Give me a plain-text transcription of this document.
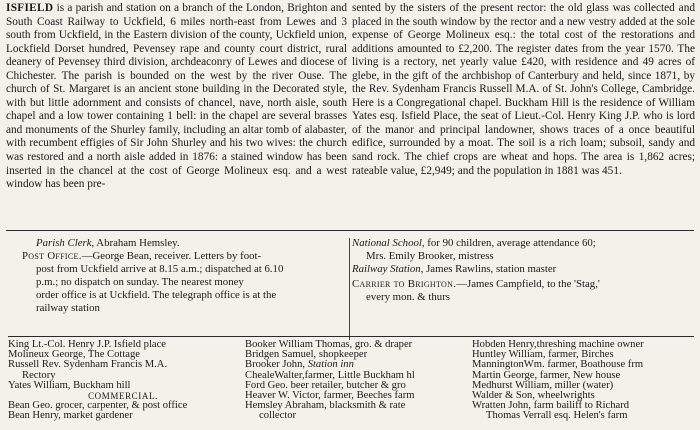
ISFIELD is a parish and station on a branch of the London, Brighton and South Coast Railway to Uckfield, 6 miles north-east from Lewes and 3 south from Uckfield, in the Eastern division of the county, Uckfield union, Lockfield Dorset hundred, Pevensey rape and county court district, rural deanery of Pevensey third division, archdeaconry of Lewes and diocese of Chichester. The parish is bounded on the west by the river Ouse. The church of St. Margaret is an ancient stone building in the Decorated style, with but little adornment and consists of chancel, nave, north aisle, south chapel and a low tower containing 1 bell: in the chapel are several brasses and monuments of the Shurley family, including an altar tomb of alabaster, with recumbent effigies of Sir John Shurley and his two wives: the church was restored and a north aisle added in 1876: a stained window has been inserted in the chancel at the cost of George Molineux esq. and a west window has been pre-
sented by the sisters of the present rector: the old glass was collected and placed in the south window by the rector and a new vestry added at the sole expense of George Molineux esq.: the total cost of the restorations and additions amounted to £2,200. The register dates from the year 1570. The living is a rectory, net yearly value £420, with residence and 49 acres of glebe, in the gift of the archbishop of Canterbury and held, since 1871, by the Rev. Sydenham Francis Russell M.A. of St. John's College, Cambridge. Here is a Congregational chapel. Buckham Hill is the residence of William Yates esq. Isfield Place, the seat of Lieut.-Col. Henry King J.P. who is lord of the manor and principal landowner, shows traces of a once beautiful edifice, surrounded by a moat. The soil is a rich loam; subsoil, sandy and sand rock. The chief crops are wheat and hops. The area is 1,862 acres; rateable value, £2,949; and the population in 1881 was 451.
Parish Clerk, Abraham Hemsley.
Post Office.—George Bean, receiver. Letters by foot-
post from Uckfield arrive at 8.15 a.m.; dispatched at 6.10
p.m.; no dispatch on sunday. The nearest money
order office is at Uckfield. The telegraph office is at the
railway station
National School, for 90 children, average attendance 60;
Mrs. Emily Brooker, mistress
Railway Station, James Rawlins, station master
Carrier to Brighton.—James Campfield, to the 'Stag,'
every mon. & thurs
King Lt.-Col. Henry J.P. Isfield place
Molineux George, The Cottage
Russell Rev. Sydenham Francis M.A.
Rectory
Yates William, Buckham hill
COMMERCIAL.
Bean Geo. grocer, carpenter, & post office
Bean Henry, market gardener
Booker William Thomas, gro. & draper
Bridgen Samuel, shopkeeper
Brooker John, Station inn
ChealeWalter,farmer, Little Buckham hl
Ford Geo. beer retailer, butcher & gro
Heaver W. Victor, farmer, Beeches farm
Hemsley Abraham, blacksmith & rate
collector
Hobden Henry,threshing machine owner
Huntley William, farmer, Birches
ManningtonWm. farmer, Boathouse frm
Martin George, farmer, New house
Medhurst William, miller (water)
Walder & Son, wheelwrights
Wratten John, farm bailiff to Richard
Thomas Verrall esq. Helen's farm
